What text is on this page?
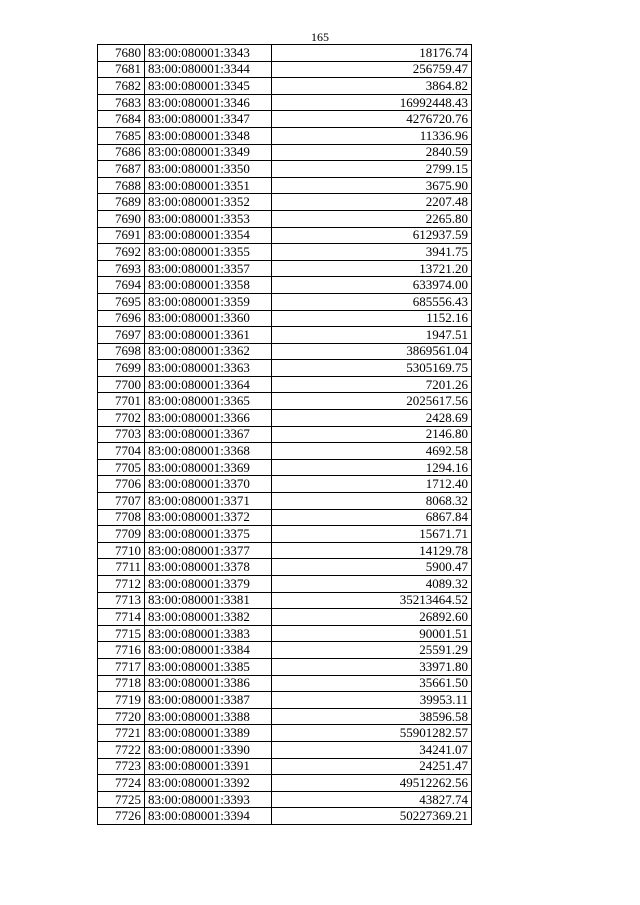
165
7680	83:00:080001:3343	18176.74
7681	83:00:080001:3344	256759.47
7682	83:00:080001:3345	3864.82
7683	83:00:080001:3346	16992448.43
7684	83:00:080001:3347	4276720.76
7685	83:00:080001:3348	11336.96
7686	83:00:080001:3349	2840.59
7687	83:00:080001:3350	2799.15
7688	83:00:080001:3351	3675.90
7689	83:00:080001:3352	2207.48
7690	83:00:080001:3353	2265.80
7691	83:00:080001:3354	612937.59
7692	83:00:080001:3355	3941.75
7693	83:00:080001:3357	13721.20
7694	83:00:080001:3358	633974.00
7695	83:00:080001:3359	685556.43
7696	83:00:080001:3360	1152.16
7697	83:00:080001:3361	1947.51
7698	83:00:080001:3362	3869561.04
7699	83:00:080001:3363	5305169.75
7700	83:00:080001:3364	7201.26
7701	83:00:080001:3365	2025617.56
7702	83:00:080001:3366	2428.69
7703	83:00:080001:3367	2146.80
7704	83:00:080001:3368	4692.58
7705	83:00:080001:3369	1294.16
7706	83:00:080001:3370	1712.40
7707	83:00:080001:3371	8068.32
7708	83:00:080001:3372	6867.84
7709	83:00:080001:3375	15671.71
7710	83:00:080001:3377	14129.78
7711	83:00:080001:3378	5900.47
7712	83:00:080001:3379	4089.32
7713	83:00:080001:3381	35213464.52
7714	83:00:080001:3382	26892.60
7715	83:00:080001:3383	90001.51
7716	83:00:080001:3384	25591.29
7717	83:00:080001:3385	33971.80
7718	83:00:080001:3386	35661.50
7719	83:00:080001:3387	39953.11
7720	83:00:080001:3388	38596.58
7721	83:00:080001:3389	55901282.57
7722	83:00:080001:3390	34241.07
7723	83:00:080001:3391	24251.47
7724	83:00:080001:3392	49512262.56
7725	83:00:080001:3393	43827.74
7726	83:00:080001:3394	50227369.21
